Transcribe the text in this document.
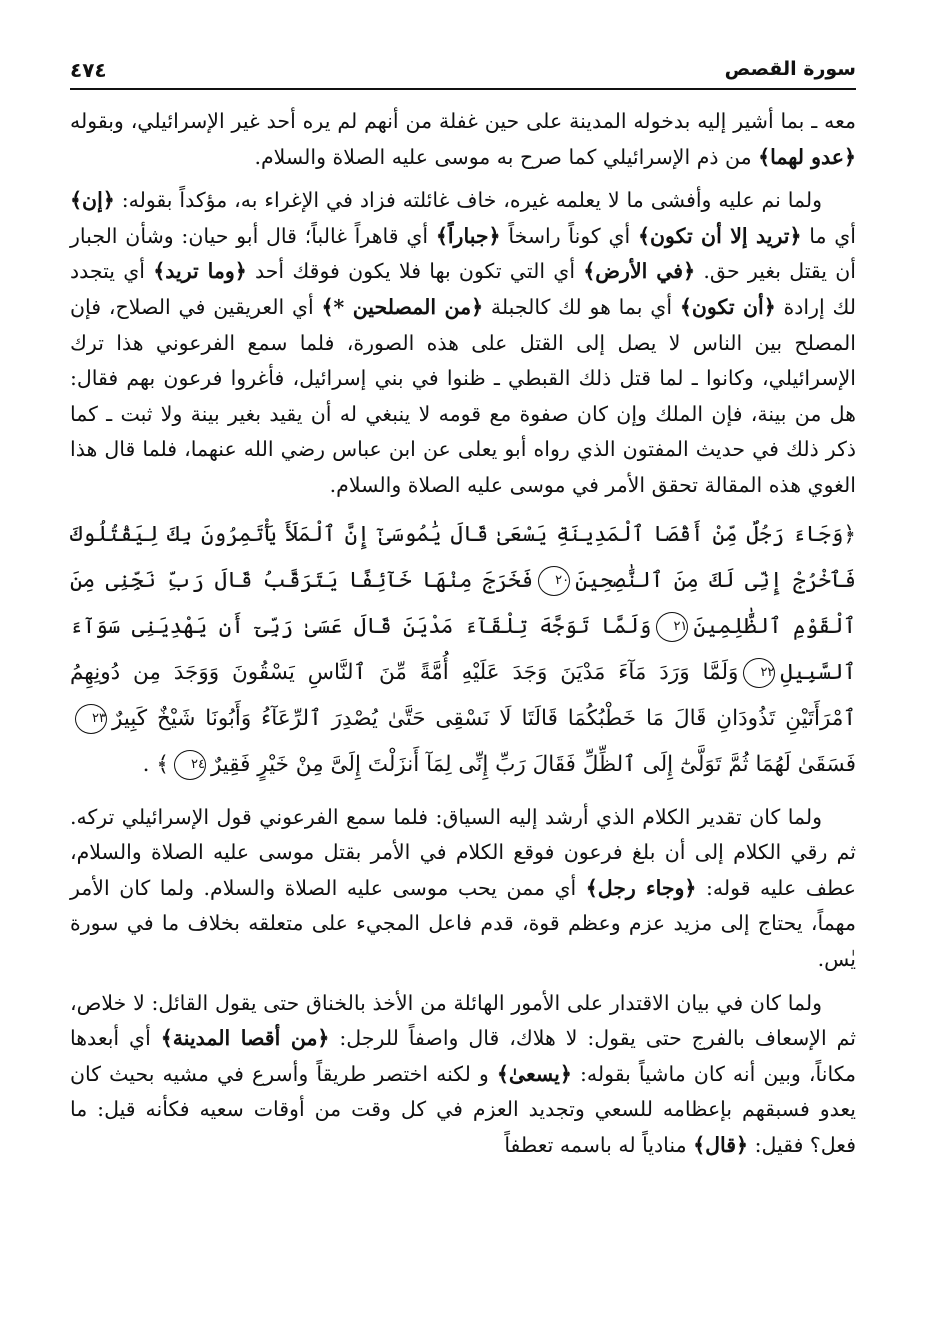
سورة القصص
٤٧٤

معه ـ بما أشير إليه بدخوله المدينة على حين غفلة من أنهم لم يره أحد غير الإسرائيلي، وبقوله ﴿عدو لهما﴾ من ذم الإسرائيلي كما صرح به موسى عليه الصلاة والسلام.

ولما نم عليه وأفشى ما لا يعلمه غيره، خاف غائلته فزاد في الإغراء به، مؤكداً بقوله: ﴿إن﴾ أي ما ﴿تريد إلا أن تكون﴾ أي كوناً راسخاً ﴿جباراً﴾ أي قاهراً غالباً؛ قال أبو حيان: وشأن الجبار أن يقتل بغير حق. ﴿في الأرض﴾ أي التي تكون بها فلا يكون فوقك أحد ﴿وما تريد﴾ أي يتجدد لك إرادة ﴿أن تكون﴾ أي بما هو لك كالجبلة ﴿من المصلحين *﴾ أي العريقين في الصلاح، فإن المصلح بين الناس لا يصل إلى القتل على هذه الصورة، فلما سمع الفرعوني هذا ترك الإسرائيلي، وكانوا ـ لما قتل ذلك القبطي ـ ظنوا في بني إسرائيل، فأغروا فرعون بهم فقال: هل من بينة، فإن الملك وإن كان صفوة مع قومه لا ينبغي له أن يقيد بغير بينة ولا ثبت ـ كما ذكر ذلك في حديث المفتون الذي رواه أبو يعلى عن ابن عباس رضي الله عنهما، فلما قال هذا الغوي هذه المقالة تحقق الأمر في موسى عليه الصلاة والسلام.

﴿وَجَاءَ رَجُلٌ مِّنْ أَقْصَا ٱلْمَدِينَةِ يَسْعَىٰ قَالَ يَٰمُوسَىٰٓ إِنَّ ٱلْمَلَأَ يَأْتَمِرُونَ بِكَ لِيَقْتُلُوكَ فَٱخْرُجْ إِنِّى لَكَ مِنَ ٱلنَّٰصِحِينَ٢٠فَخَرَجَ مِنْهَا خَآئِفًا يَتَرَقَّبُ قَالَ رَبِّ نَجِّنِى مِنَ ٱلْقَوْمِ ٱلظَّٰلِمِينَ٢١وَلَمَّا تَوَجَّهَ تِلْقَآءَ مَدْيَنَ قَالَ عَسَىٰ رَبِّىٓ أَن يَهْدِيَنِى سَوَآءَ ٱلسَّبِيلِ٢٢وَلَمَّا وَرَدَ مَآءَ مَدْيَنَ وَجَدَ عَلَيْهِ أُمَّةً مِّنَ ٱلنَّاسِ يَسْقُونَ وَوَجَدَ مِن دُونِهِمُ ٱمْرَأَتَيْنِ تَذُودَانِ قَالَ مَا خَطْبُكُمَا قَالَتَا لَا نَسْقِى حَتَّىٰ يُصْدِرَ ٱلرِّعَآءُ وَأَبُونَا شَيْخٌ كَبِيرٌ٢٣فَسَقَىٰ لَهُمَا ثُمَّ تَوَلَّىٰٓ إِلَى ٱلظِّلِّ فَقَالَ رَبِّ إِنِّى لِمَآ أَنزَلْتَ إِلَىَّ مِنْ خَيْرٍ فَقِيرٌ٢٤﴾ .

ولما كان تقدير الكلام الذي أرشد إليه السياق: فلما سمع الفرعوني قول الإسرائيلي تركه. ثم رقي الكلام إلى أن بلغ فرعون فوقع الكلام في الأمر بقتل موسى عليه الصلاة والسلام، عطف عليه قوله: ﴿وجاء رجل﴾ أي ممن يحب موسى عليه الصلاة والسلام. ولما كان الأمر مهماً، يحتاج إلى مزيد عزم وعظم قوة، قدم فاعل المجيء على متعلقه بخلاف ما في سورة يٰس.

ولما كان في بيان الاقتدار على الأمور الهائلة من الأخذ بالخناق حتى يقول القائل: لا خلاص، ثم الإسعاف بالفرج حتى يقول: لا هلاك، قال واصفاً للرجل: ﴿من أقصا المدينة﴾ أي أبعدها مكاناً، وبين أنه كان ماشياً بقوله: ﴿يسعىٰ﴾ و لكنه اختصر طريقاً وأسرع في مشيه بحيث كان يعدو فسبقهم بإعظامه للسعي وتجديد العزم في كل وقت من أوقات سعيه فكأنه قيل: ما فعل؟ فقيل: ﴿قال﴾ منادياً له باسمه تعطفاً
